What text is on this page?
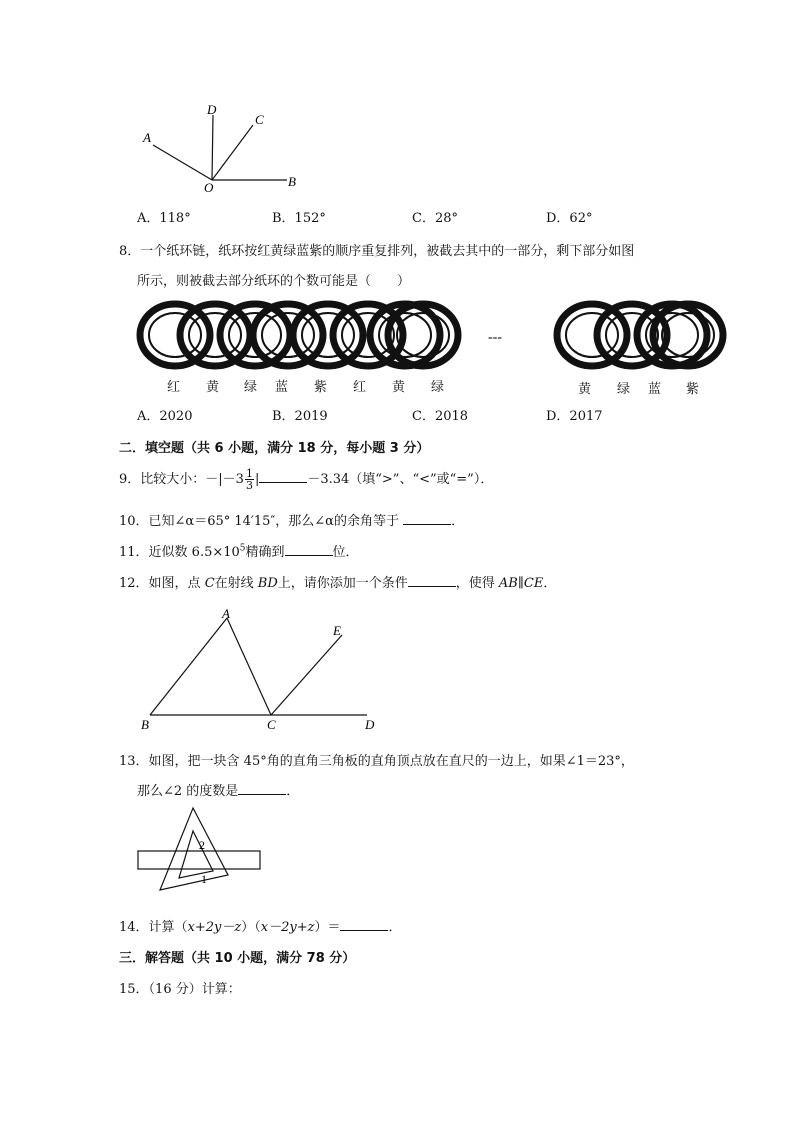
A
D
C
O	B
A．118°	B．152°	C．28°	D．62°
8．一个纸环链，纸环按红黄绿蓝紫的顺序重复排列，被截去其中的一部分，剩下部分如图
所示，则被截去部分纸环的个数可能是（　　）
---
红 黄 绿 蓝 紫 红 黄 绿	黄 绿 蓝 紫
A．2020	B．2019	C．2018	D．2017
二．填空题（共 6 小题，满分 18 分，每小题 3 分）
9．比较大小：$-|-3 \frac{1}{3}$ |	－3.34（填“>”、“<”或“=”）．
10．已知∠α＝65° 14′15″，那么∠α的余角等于	．
11．近似数 $6.5\times 10^5$精确到	位．
12．如图，点 C在射线 BD上，请你添加一个条件	，使得 AB∥CE．
A
E
B	C	D
13．如图，把一块含 45°角的直角三角板的直角顶点放在直尺的一边上，如果∠1＝23°，
那么∠2 的度数是	．
2
1
14．计算（x+2y－z）（x－2y+z）＝	．
三．解答题（共 10 小题，满分 78 分）
15．（16 分）计算：
